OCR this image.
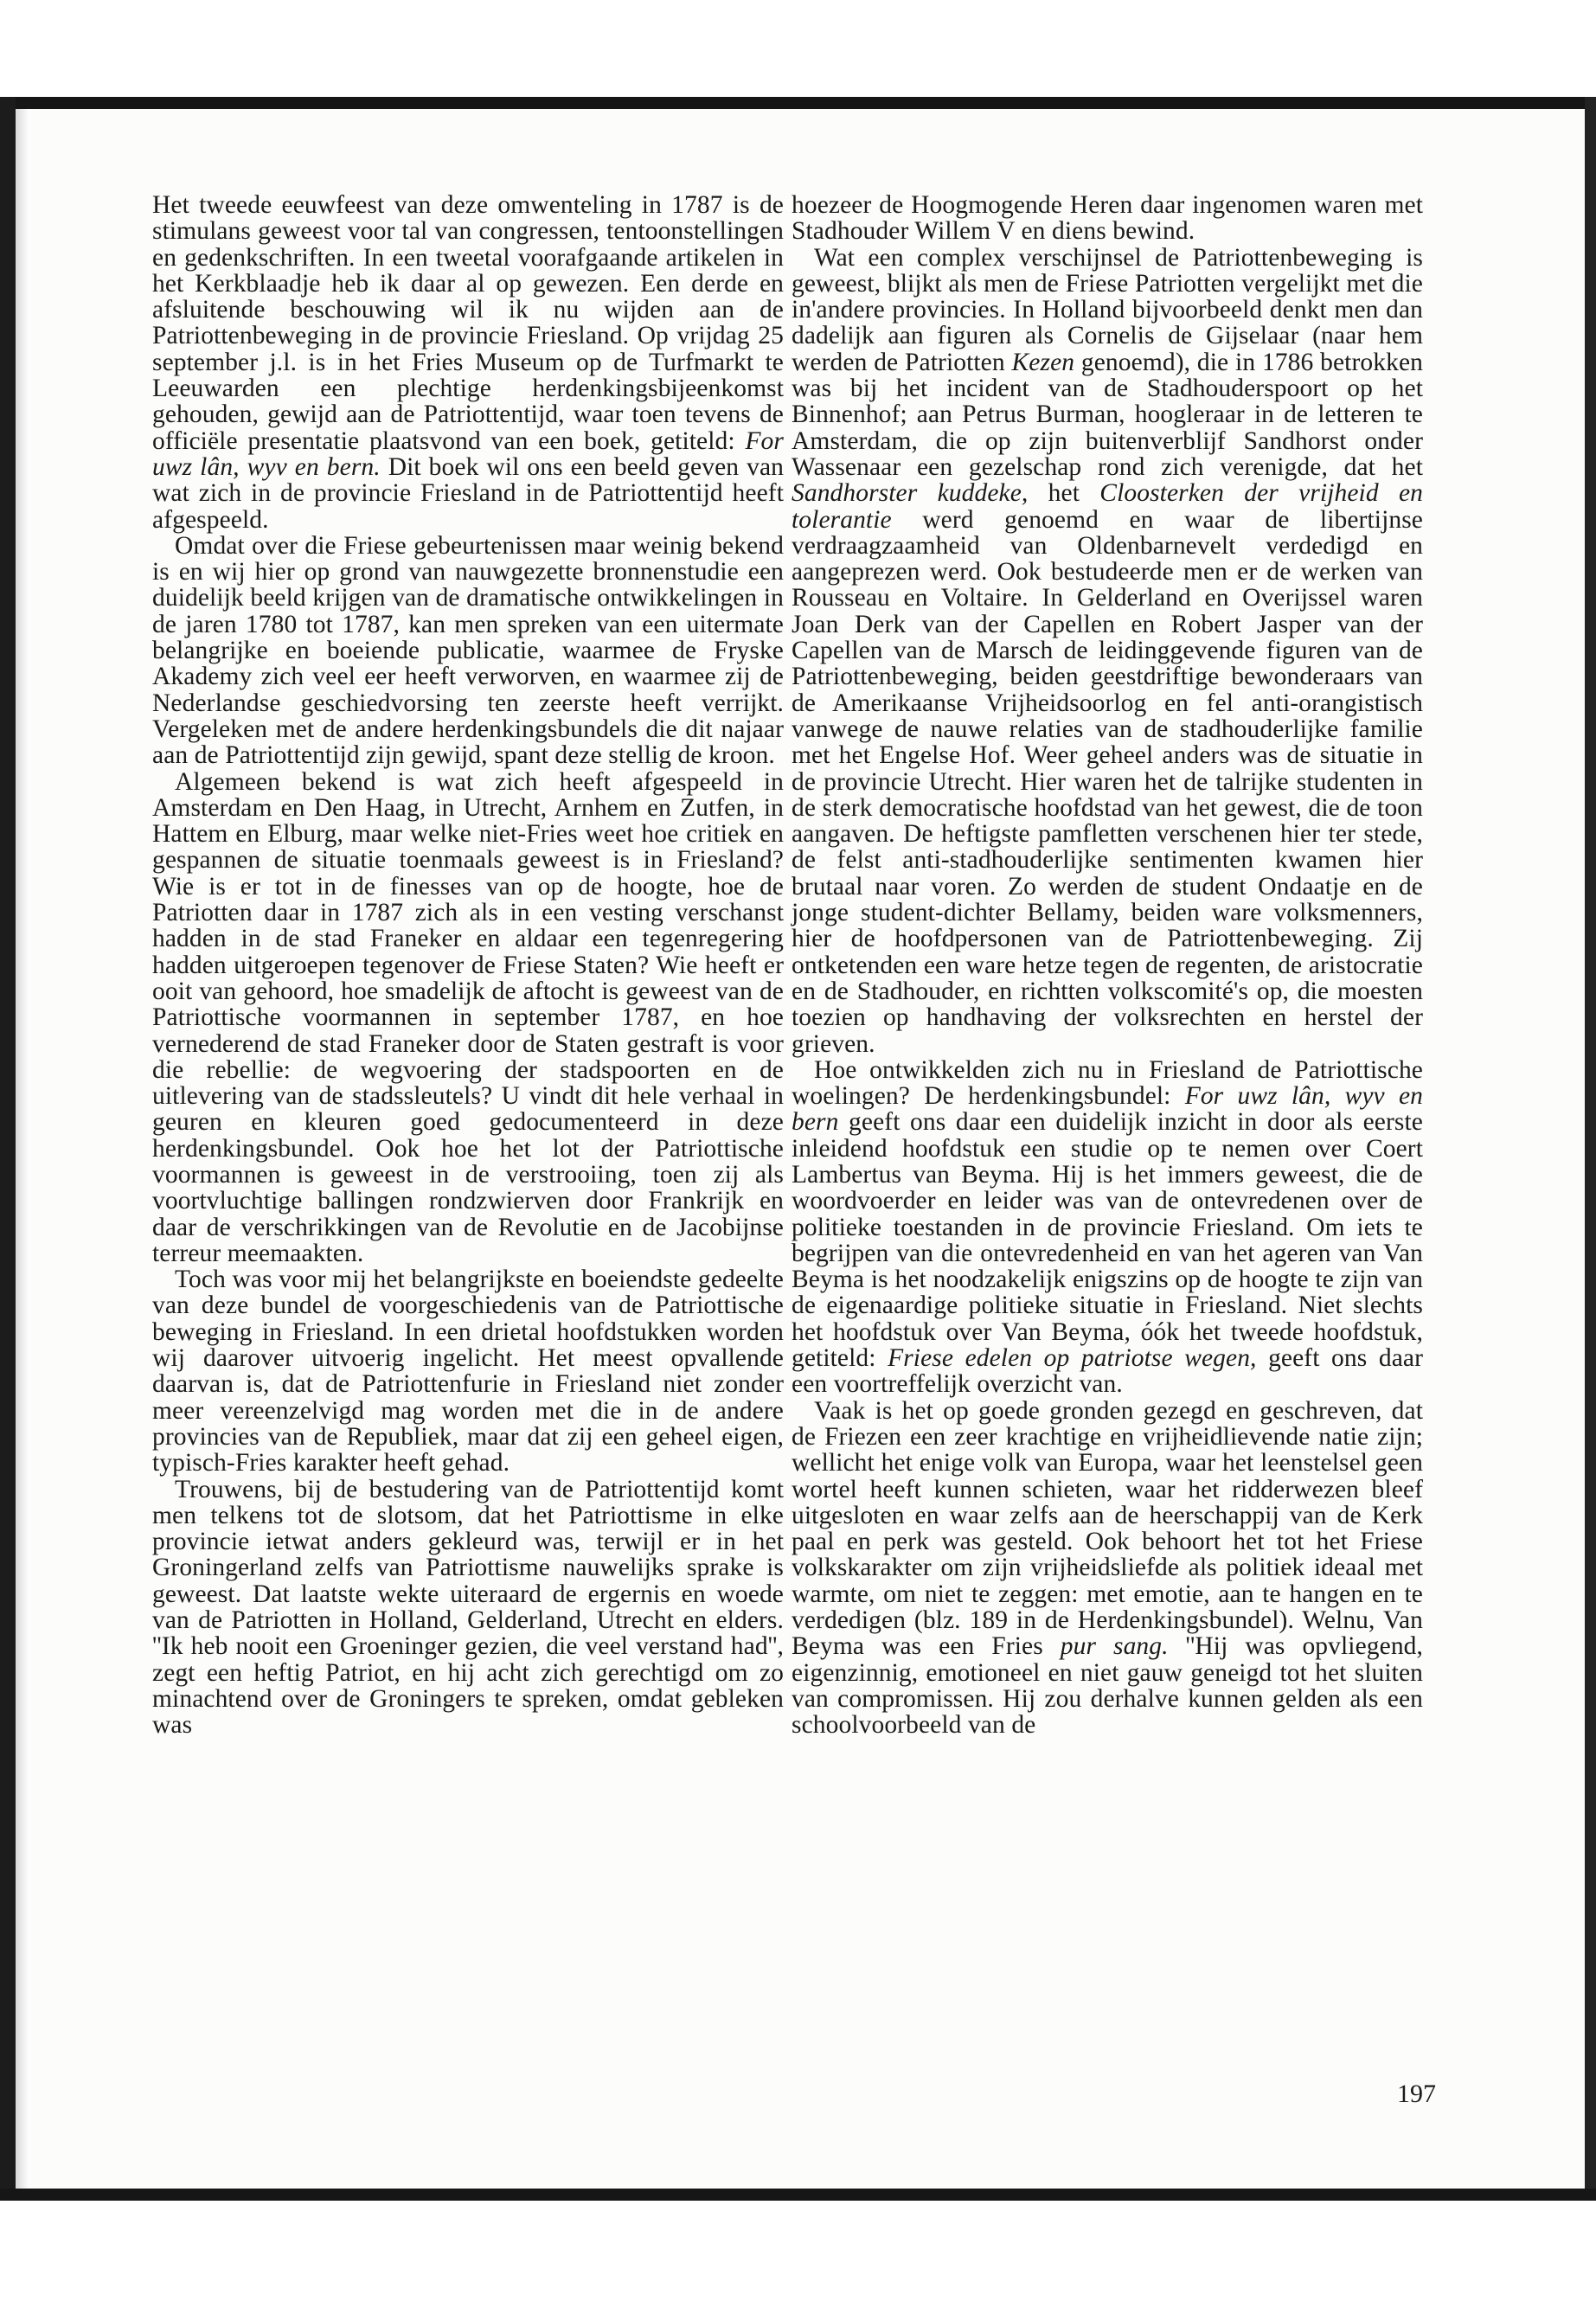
Het tweede eeuwfeest van deze omwenteling in 1787 is de stimulans geweest voor tal van congressen, tentoonstellingen en gedenkschriften. In een tweetal voorafgaande artikelen in het Kerkblaadje heb ik daar al op gewezen. Een derde en afsluitende beschouwing wil ik nu wijden aan de Patriottenbeweging in de provincie Friesland. Op vrijdag 25 september j.l. is in het Fries Museum op de Turfmarkt te Leeuwarden een plechtige herdenkingsbijeenkomst gehouden, gewijd aan de Patriottentijd, waar toen tevens de officiële presentatie plaatsvond van een boek, getiteld: For uwz lân, wyv en bern. Dit boek wil ons een beeld geven van wat zich in de provincie Friesland in de Patriottentijd heeft afgespeeld.

Omdat over die Friese gebeurtenissen maar weinig bekend is en wij hier op grond van nauwgezette bronnenstudie een duidelijk beeld krijgen van de dramatische ontwikkelingen in de jaren 1780 tot 1787, kan men spreken van een uitermate belangrijke en boeiende publicatie, waarmee de Fryske Akademy zich veel eer heeft verworven, en waarmee zij de Nederlandse geschiedvorsing ten zeerste heeft verrijkt. Vergeleken met de andere herdenkingsbundels die dit najaar aan de Patriottentijd zijn gewijd, spant deze stellig de kroon.

Algemeen bekend is wat zich heeft afgespeeld in Amsterdam en Den Haag, in Utrecht, Arnhem en Zutfen, in Hattem en Elburg, maar welke niet-Fries weet hoe critiek en gespannen de situatie toenmaals geweest is in Friesland? Wie is er tot in de finesses van op de hoogte, hoe de Patriotten daar in 1787 zich als in een vesting verschanst hadden in de stad Franeker en aldaar een tegenregering hadden uitgeroepen tegenover de Friese Staten? Wie heeft er ooit van gehoord, hoe smadelijk de aftocht is geweest van de Patriottische voormannen in september 1787, en hoe vernederend de stad Franeker door de Staten gestraft is voor die rebellie: de wegvoering der stadspoorten en de uitlevering van de stadssleutels? U vindt dit hele verhaal in geuren en kleuren goed gedocumenteerd in deze herdenkingsbundel. Ook hoe het lot der Patriottische voormannen is geweest in de verstrooiing, toen zij als voortvluchtige ballingen rondzwierven door Frankrijk en daar de verschrikkingen van de Revolutie en de Jacobijnse terreur meemaakten.

Toch was voor mij het belangrijkste en boeiendste gedeelte van deze bundel de voorgeschiedenis van de Patriottische beweging in Friesland. In een drietal hoofdstukken worden wij daarover uitvoerig ingelicht. Het meest opvallende daarvan is, dat de Patriottenfurie in Friesland niet zonder meer vereenzelvigd mag worden met die in de andere provincies van de Republiek, maar dat zij een geheel eigen, typisch-Fries karakter heeft gehad.

Trouwens, bij de bestudering van de Patriottentijd komt men telkens tot de slotsom, dat het Patriottisme in elke provincie ietwat anders gekleurd was, terwijl er in het Groningerland zelfs van Patriottisme nauwelijks sprake is geweest. Dat laatste wekte uiteraard de ergernis en woede van de Patriotten in Holland, Gelderland, Utrecht en elders. ''Ik heb nooit een Groeninger gezien, die veel verstand had'', zegt een heftig Patriot, en hij acht zich gerechtigd om zo minachtend over de Groningers te spreken, omdat gebleken was

hoezeer de Hoogmogende Heren daar ingenomen waren met Stadhouder Willem V en diens bewind.

Wat een complex verschijnsel de Patriottenbeweging is geweest, blijkt als men de Friese Patriotten vergelijkt met die in'andere provincies. In Holland bijvoorbeeld denkt men dan dadelijk aan figuren als Cornelis de Gijselaar (naar hem werden de Patriotten Kezen genoemd), die in 1786 betrokken was bij het incident van de Stadhouderspoort op het Binnenhof; aan Petrus Burman, hoogleraar in de letteren te Amsterdam, die op zijn buitenverblijf Sandhorst onder Wassenaar een gezelschap rond zich verenigde, dat het Sandhorster kuddeke, het Cloosterken der vrijheid en tolerantie werd genoemd en waar de libertijnse verdraagzaamheid van Oldenbarnevelt verdedigd en aangeprezen werd. Ook bestudeerde men er de werken van Rousseau en Voltaire. In Gelderland en Overijssel waren Joan Derk van der Capellen en Robert Jasper van der Capellen van de Marsch de leidinggevende figuren van de Patriottenbeweging, beiden geestdriftige bewonderaars van de Amerikaanse Vrijheidsoorlog en fel anti-orangistisch vanwege de nauwe relaties van de stadhouderlijke familie met het Engelse Hof. Weer geheel anders was de situatie in de provincie Utrecht. Hier waren het de talrijke studenten in de sterk democratische hoofdstad van het gewest, die de toon aangaven. De heftigste pamfletten verschenen hier ter stede, de felst anti-stadhouderlijke sentimenten kwamen hier brutaal naar voren. Zo werden de student Ondaatje en de jonge student-dichter Bellamy, beiden ware volksmenners, hier de hoofdpersonen van de Patriottenbeweging. Zij ontketenden een ware hetze tegen de regenten, de aristocratie en de Stadhouder, en richtten volkscomité's op, die moesten toezien op handhaving der volksrechten en herstel der grieven.

Hoe ontwikkelden zich nu in Friesland de Patriottische woelingen? De herdenkingsbundel: For uwz lân, wyv en bern geeft ons daar een duidelijk inzicht in door als eerste inleidend hoofdstuk een studie op te nemen over Coert Lambertus van Beyma. Hij is het immers geweest, die de woordvoerder en leider was van de ontevredenen over de politieke toestanden in de provincie Friesland. Om iets te begrijpen van die ontevredenheid en van het ageren van Van Beyma is het noodzakelijk enigszins op de hoogte te zijn van de eigenaardige politieke situatie in Friesland. Niet slechts het hoofdstuk over Van Beyma, óók het tweede hoofdstuk, getiteld: Friese edelen op patriotse wegen, geeft ons daar een voortreffelijk overzicht van.

Vaak is het op goede gronden gezegd en geschreven, dat de Friezen een zeer krachtige en vrijheidlievende natie zijn; wellicht het enige volk van Europa, waar het leenstelsel geen wortel heeft kunnen schieten, waar het ridderwezen bleef uitgesloten en waar zelfs aan de heerschappij van de Kerk paal en perk was gesteld. Ook behoort het tot het Friese volkskarakter om zijn vrijheidsliefde als politiek ideaal met warmte, om niet te zeggen: met emotie, aan te hangen en te verdedigen (blz. 189 in de Herdenkingsbundel). Welnu, Van Beyma was een Fries pur sang. ''Hij was opvliegend, eigenzinnig, emotioneel en niet gauw geneigd tot het sluiten van compromissen. Hij zou derhalve kunnen gelden als een schoolvoorbeeld van de

197
